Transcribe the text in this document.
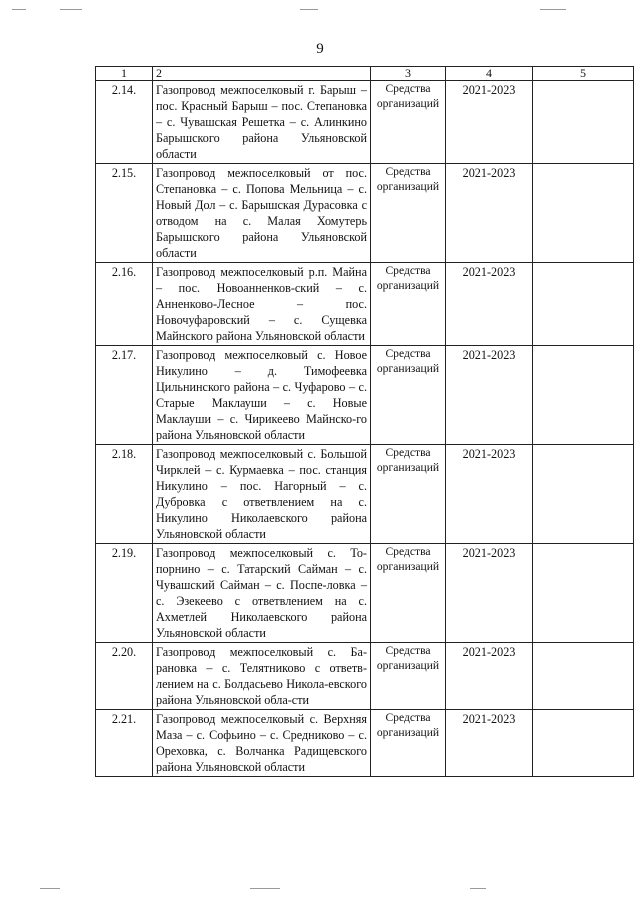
9
1	2	3	4	5
2.14.	Газопровод межпоселковый г. Барыш – пос. Красный Барыш – пос. Степановка – с. Чувашская Решетка – с. Алинкино Барышского района Ульяновской области	Средства организаций	2021-2023	
2.15.	Газопровод межпоселковый от пос. Степановка – с. Попова Мельница – с. Новый Дол – с. Барышская Дурасовка с отводом на с. Малая Хомутерь Барышского района Ульяновской области	Средства организаций	2021-2023	
2.16.	Газопровод межпоселковый р.п. Майна – пос. Новоанненков-ский – с. Анненково-Лесное – пос. Новочуфаровский – с. Сущевка Майнского района Ульяновской области	Средства организаций	2021-2023	
2.17.	Газопровод межпоселковый с. Новое Никулино – д. Тимофеевка Цильнинского района – с. Чуфарово – с. Старые Маклауши – с. Новые Маклауши – с. Чирикеево Майнско-го района Ульяновской области	Средства организаций	2021-2023	
2.18.	Газопровод межпоселковый с. Большой Чирклей – с. Курмаевка – пос. станция Никулино – пос. Нагорный – с. Дубровка с ответвлением на с. Никулино Николаевского района Ульяновской области	Средства организаций	2021-2023	
2.19.	Газопровод межпоселковый с. То-порнино – с. Татарский Сайман – с. Чувашский Сайман – с. Поспе-ловка – с. Эзекеево с ответвлением на с. Ахметлей Николаевского района Ульяновской области	Средства организаций	2021-2023	
2.20.	Газопровод межпоселковый с. Ба-рановка – с. Телятниково с ответв-лением на с. Болдасьево Никола-евского района Ульяновской обла-сти	Средства организаций	2021-2023	
2.21.	Газопровод межпоселковый с. Верхняя Маза – с. Софьино – с. Средниково – с. Ореховка, с. Волчанка Радищевского района Ульяновской области	Средства организаций	2021-2023	
